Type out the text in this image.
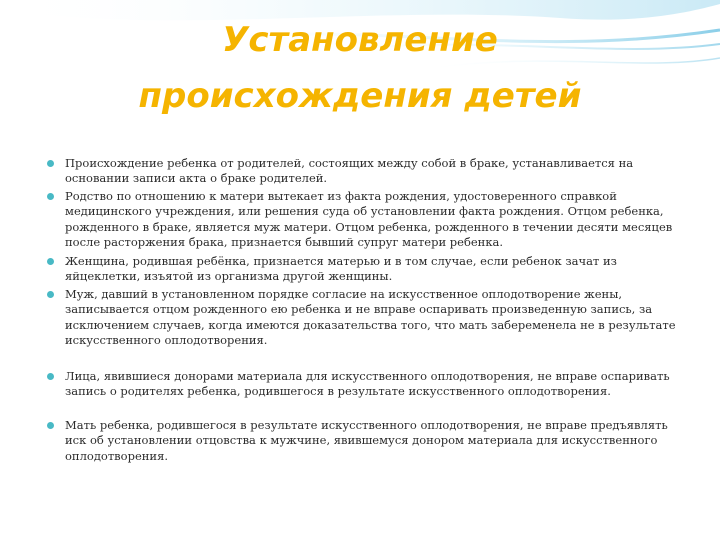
Установление
происхождения детей
Происхождение ребенка от родителей, состоящих между собой в браке, устанавливается на основании записи акта о браке родителей.
Родство по отношению к матери вытекает из факта рождения, удостоверенного справкой медицинского учреждения, или решения суда об установлении факта рождения. Отцом ребенка, рожденного в браке, является муж матери. Отцом ребенка, рожденного в течении десяти месяцев после расторжения брака, признается бывший супруг матери ребенка.
Женщина, родившая ребёнка, признается матерью и в том случае, если ребенок зачат из яйцеклетки, изъятой из организма другой женщины.
Муж, давший в установленном порядке согласие на искусственное оплодотворение жены, записывается отцом рожденного ею ребенка и не вправе оспаривать произведенную запись, за исключением случаев, когда имеются доказательства того, что мать забеременела не в результате искусственного оплодотворения.
Лица, явившиеся донорами материала для искусственного оплодотворения, не вправе оспаривать запись о родителях ребенка, родившегося в результате искусственного оплодотворения.
Мать ребенка, родившегося в результате искусственного оплодотворения, не вправе предъявлять иск об установлении отцовства к мужчине, явившемуся донором материала для искусственного оплодотворения.
